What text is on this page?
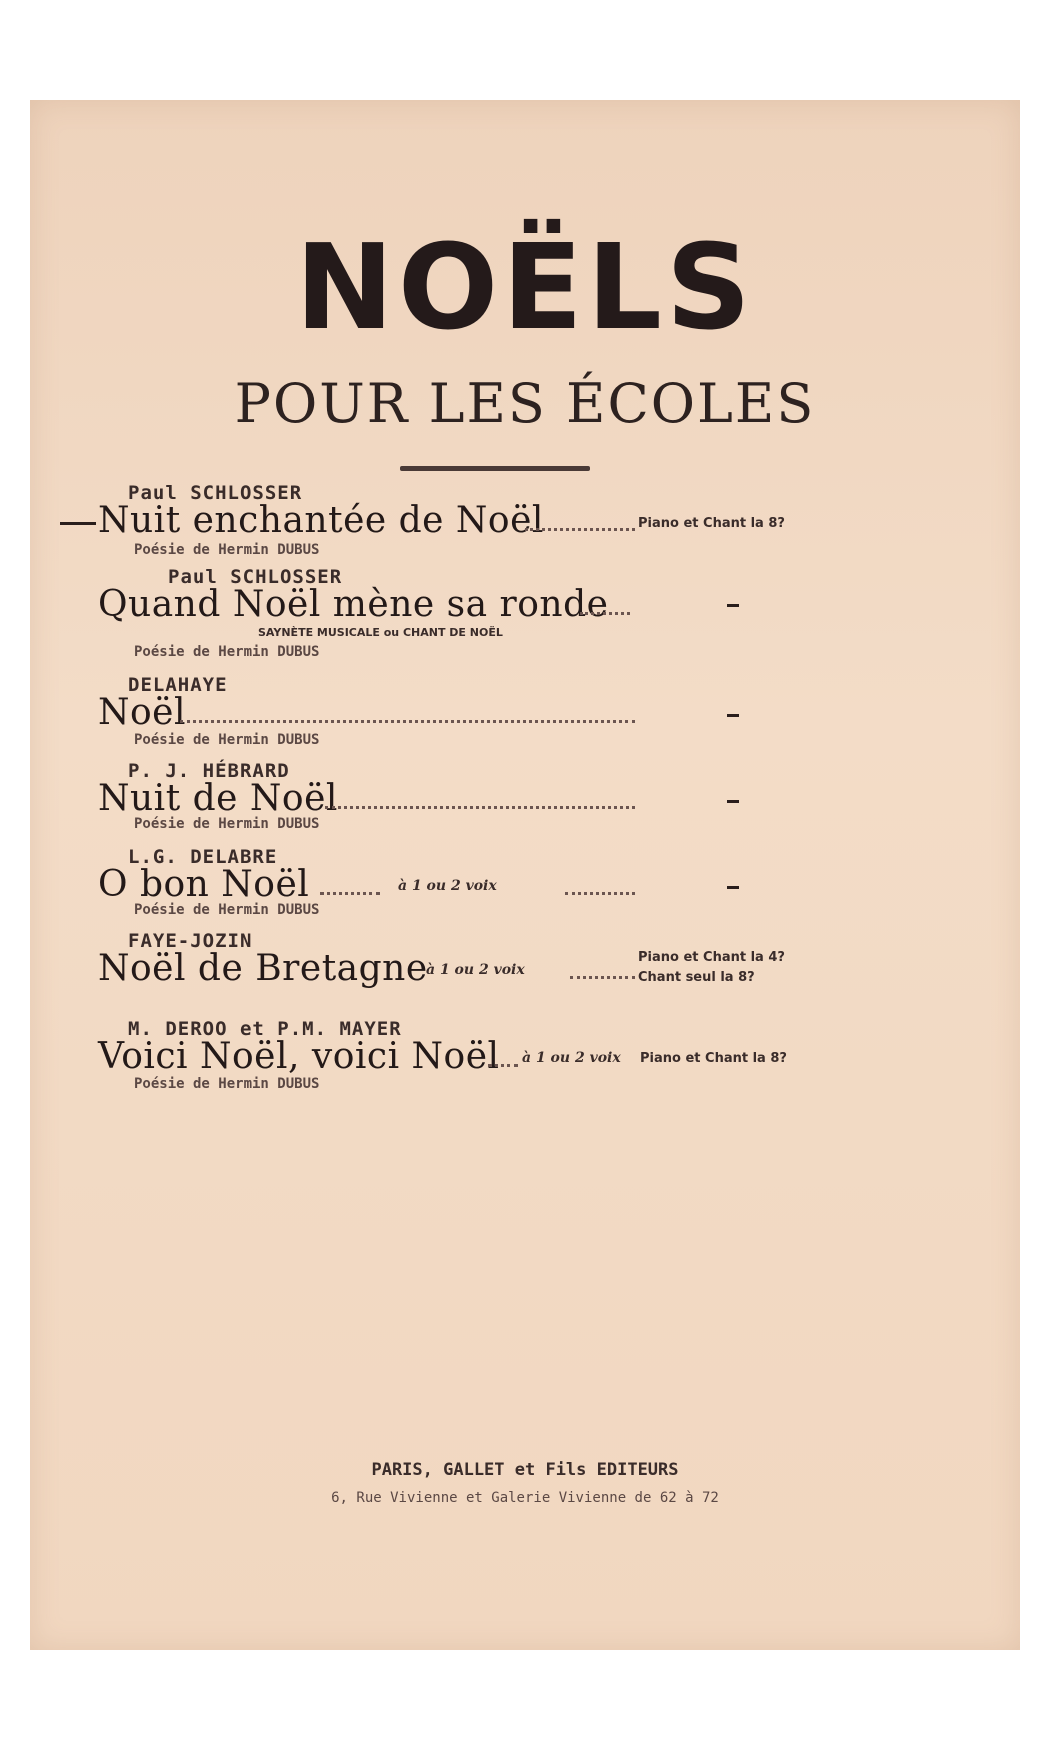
NOËLS
POUR LES ÉCOLES
Paul SCHLOSSER
Nuit enchantée de Noël	Piano et Chant la 8?
Poésie de Hermin DUBUS
Paul SCHLOSSER
Quand Noël mène sa ronde
SAYNÈTE MUSICALE ou CHANT DE NOËL
Poésie de Hermin DUBUS
DELAHAYE
Noël
Poésie de Hermin DUBUS
P. J. HÉBRARD
Nuit de Noël
Poésie de Hermin DUBUS
L.G. DELABRE
O bon Noël	à 1 ou 2 voix
Poésie de Hermin DUBUS
FAYE-JOZIN
Noël de Bretagne
à 1 ou 2 voix
Piano et Chant la 4?
Chant seul la 8?
M. DEROO et P.M. MAYER
Voici Noël, voici Noël à 1 ou 2 voix Piano et Chant la 8?
Poésie de Hermin DUBUS
PARIS, GALLET et Fils EDITEURS
6, Rue Vivienne et Galerie Vivienne de 62 à 72
